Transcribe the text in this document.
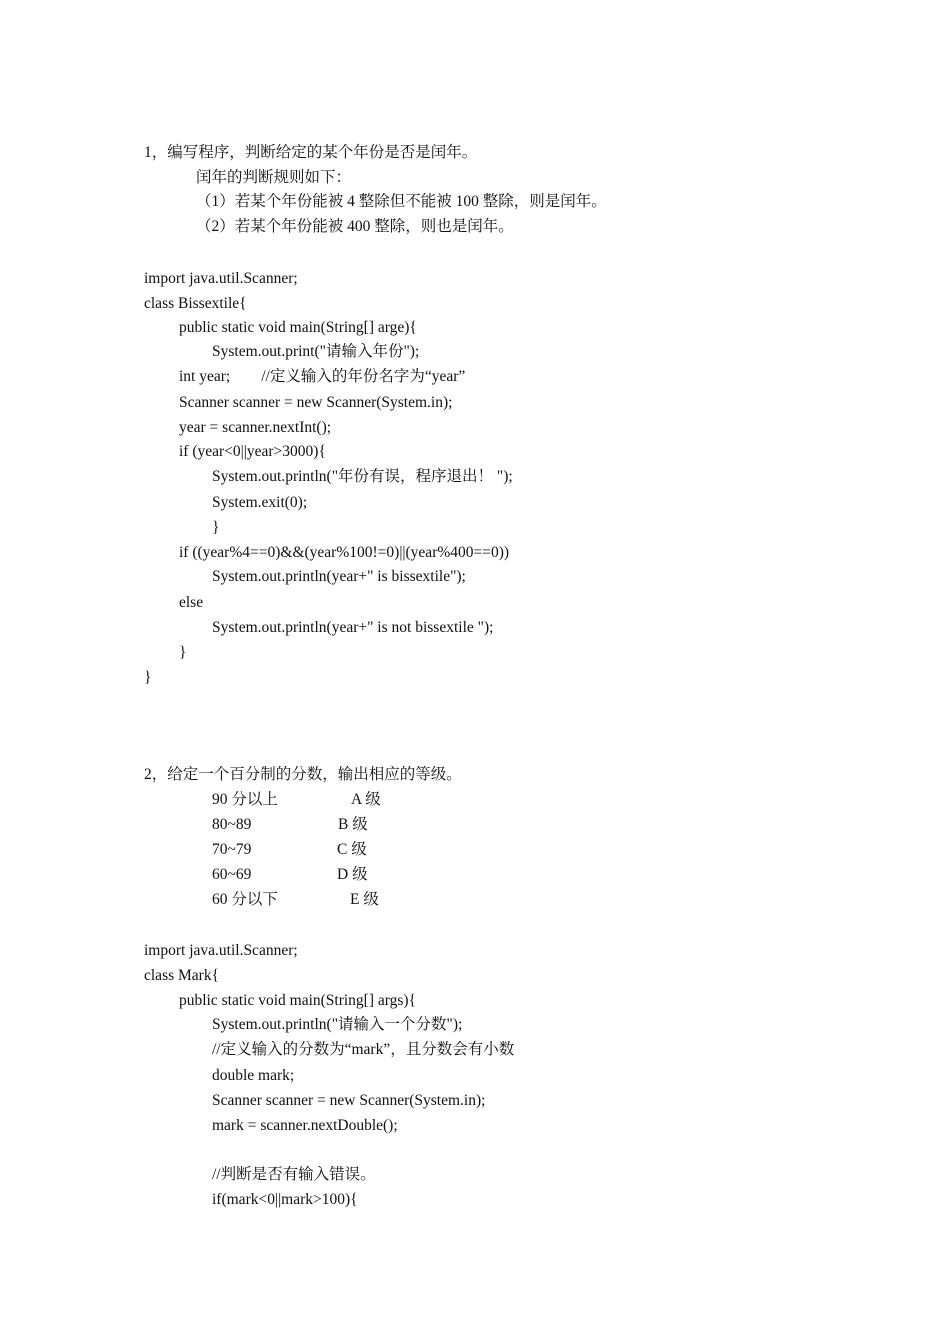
1，编写程序，判断给定的某个年份是否是闰年。
闰年的判断规则如下：
（1）若某个年份能被 4 整除但不能被 100 整除，则是闰年。
（2）若某个年份能被 400 整除，则也是闰年。
import java.util.Scanner;
class Bissextile{
public static void main(String[] arge){
System.out.print("请输入年份");
int year;        //定义输入的年份名字为“year”
Scanner scanner = new Scanner(System.in);
year = scanner.nextInt();
if (year<0||year>3000){
System.out.println("年份有误，程序退出！ ");
System.exit(0);
}
if ((year%4==0)&&(year%100!=0)||(year%400==0))
System.out.println(year+" is bissextile");
else
System.out.println(year+" is not bissextile ");
}
}
2，给定一个百分制的分数，输出相应的等级。
90 分以上	A 级
80~89	B 级
70~79	C 级
60~69	D 级
60 分以下	E 级
import java.util.Scanner;
class Mark{
public static void main(String[] args){
System.out.println("请输入一个分数");
//定义输入的分数为“mark”，且分数会有小数
double mark;
Scanner scanner = new Scanner(System.in);
mark = scanner.nextDouble();
//判断是否有输入错误。
if(mark<0||mark>100){
